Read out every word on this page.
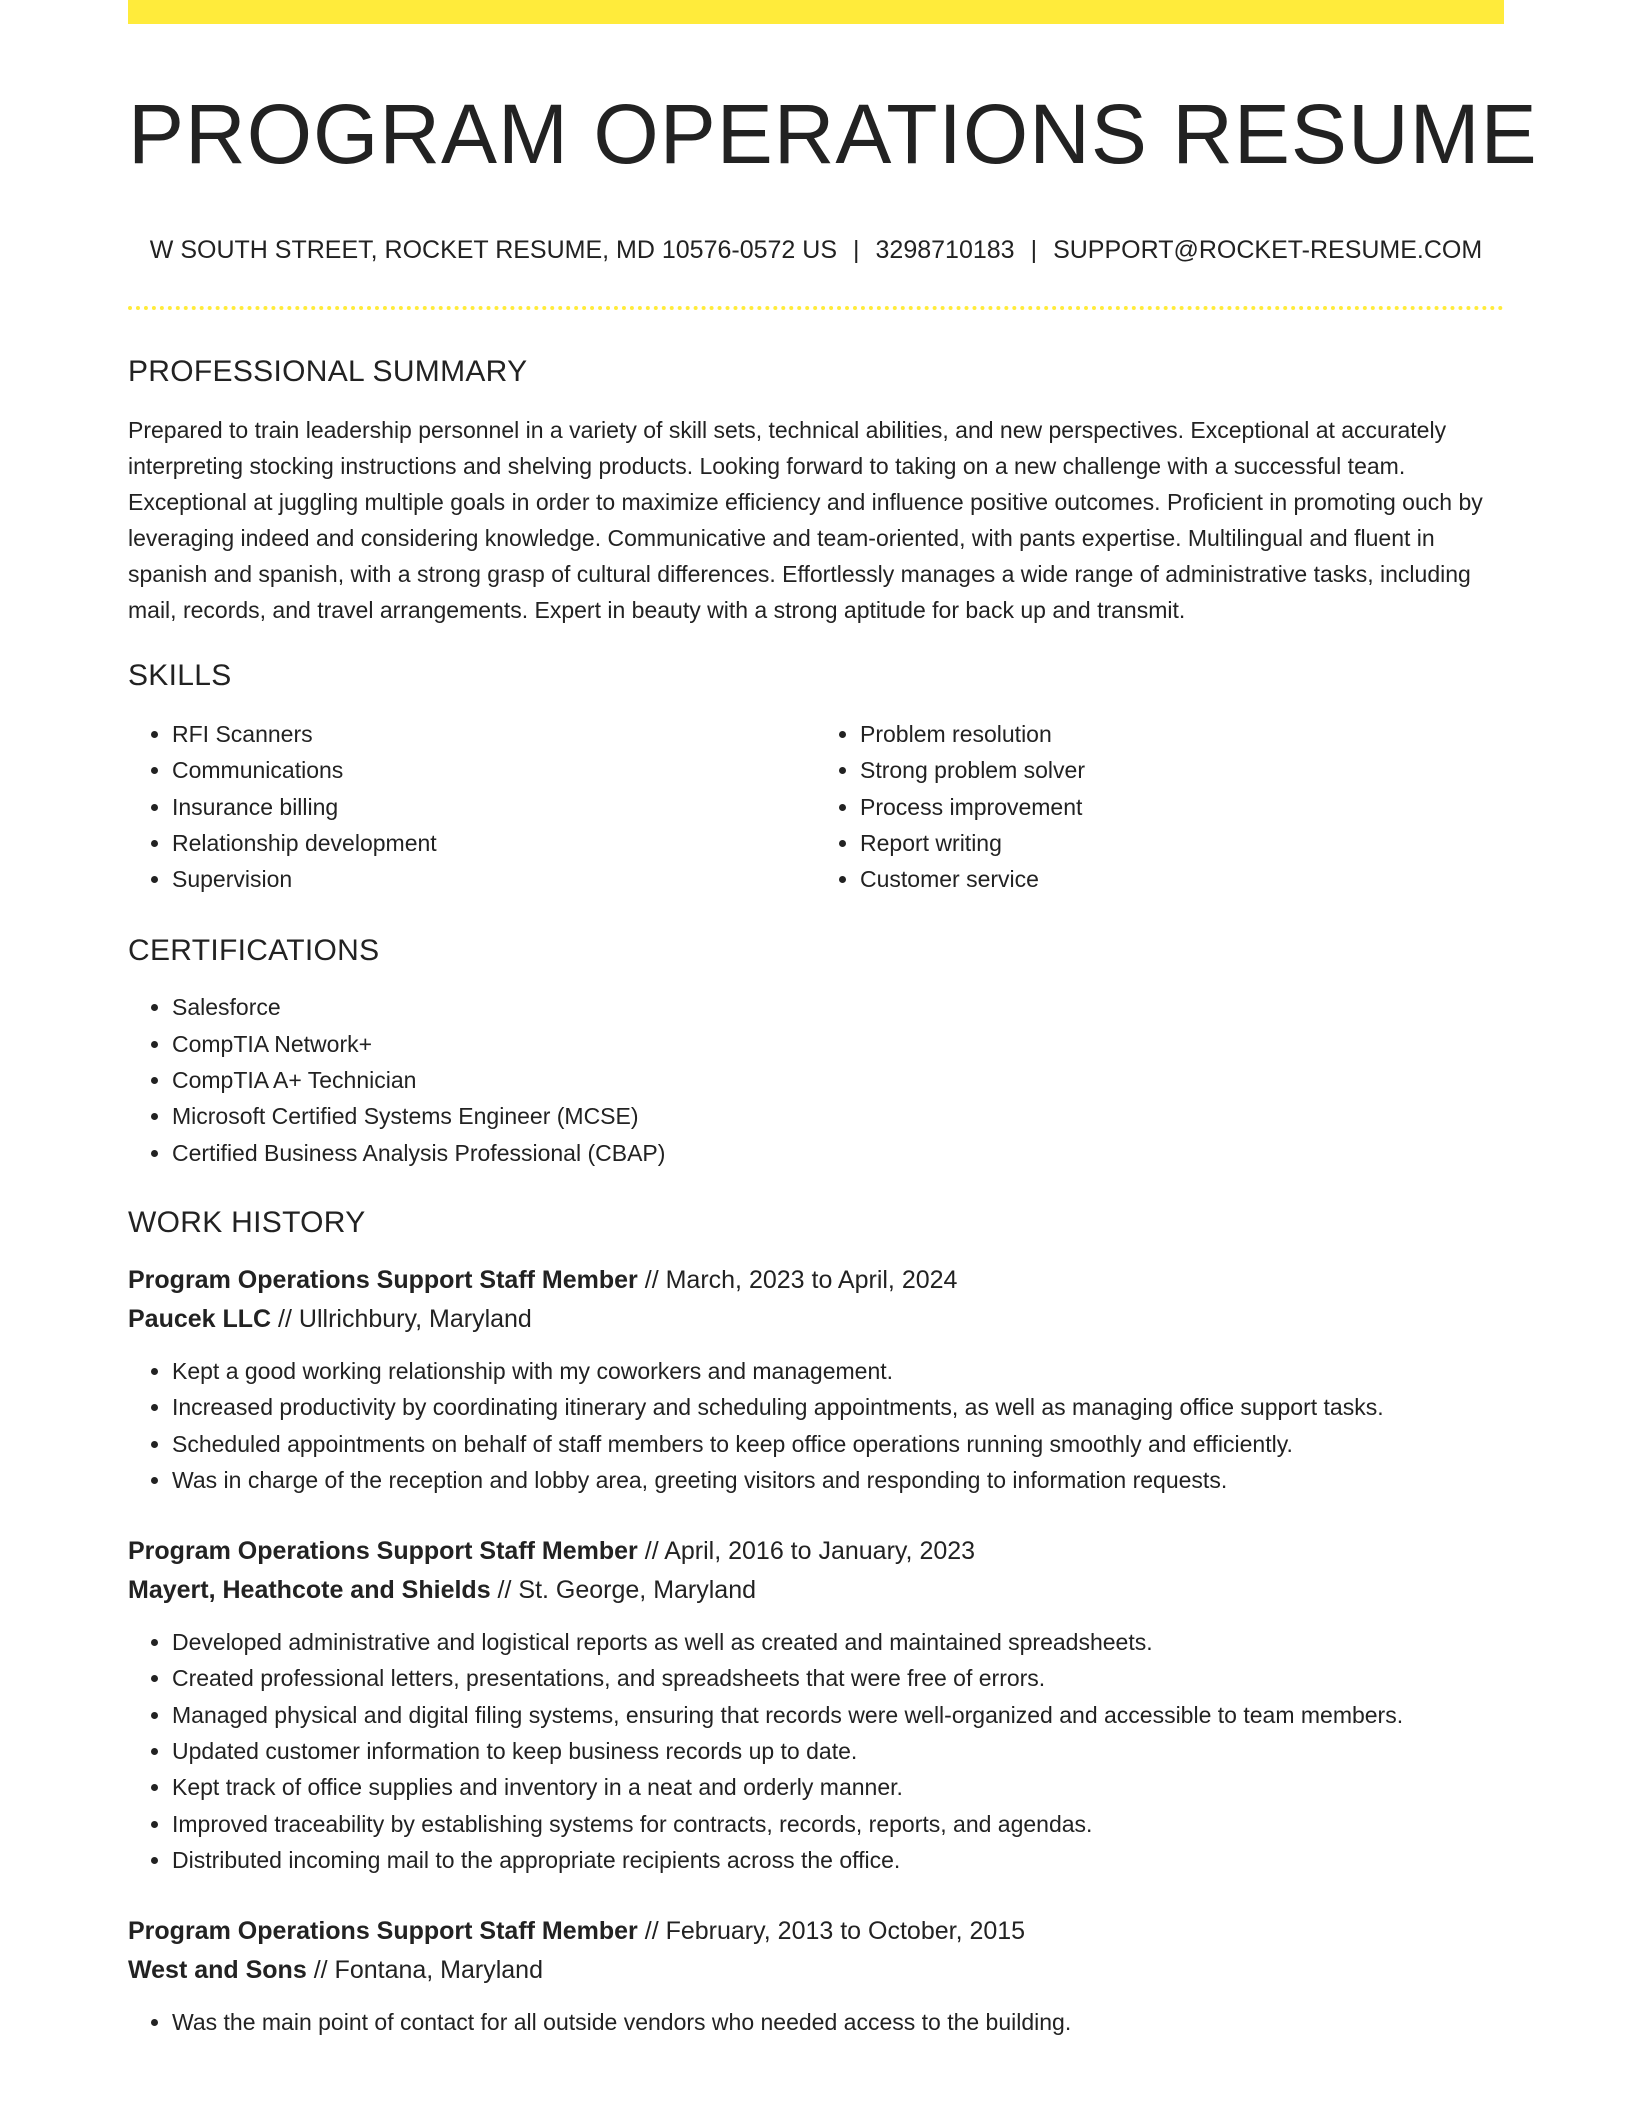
PROGRAM OPERATIONS RESUME
W SOUTH STREET, ROCKET RESUME, MD 10576-0572 US | 3298710183 | SUPPORT@ROCKET-RESUME.COM
PROFESSIONAL SUMMARY
Prepared to train leadership personnel in a variety of skill sets, technical abilities, and new perspectives. Exceptional at accurately interpreting stocking instructions and shelving products. Looking forward to taking on a new challenge with a successful team. Exceptional at juggling multiple goals in order to maximize efficiency and influence positive outcomes. Proficient in promoting ouch by leveraging indeed and considering knowledge. Communicative and team-oriented, with pants expertise. Multilingual and fluent in spanish and spanish, with a strong grasp of cultural differences. Effortlessly manages a wide range of administrative tasks, including mail, records, and travel arrangements. Expert in beauty with a strong aptitude for back up and transmit.
SKILLS
• RFI Scanners
• Communications
• Insurance billing
• Relationship development
• Supervision
• Problem resolution
• Strong problem solver
• Process improvement
• Report writing
• Customer service
CERTIFICATIONS
• Salesforce
• CompTIA Network+
• CompTIA A+ Technician
• Microsoft Certified Systems Engineer (MCSE)
• Certified Business Analysis Professional (CBAP)
WORK HISTORY
Program Operations Support Staff Member // March, 2023 to April, 2024
Paucek LLC // Ullrichbury, Maryland
• Kept a good working relationship with my coworkers and management.
• Increased productivity by coordinating itinerary and scheduling appointments, as well as managing office support tasks.
• Scheduled appointments on behalf of staff members to keep office operations running smoothly and efficiently.
• Was in charge of the reception and lobby area, greeting visitors and responding to information requests.
Program Operations Support Staff Member // April, 2016 to January, 2023
Mayert, Heathcote and Shields // St. George, Maryland
• Developed administrative and logistical reports as well as created and maintained spreadsheets.
• Created professional letters, presentations, and spreadsheets that were free of errors.
• Managed physical and digital filing systems, ensuring that records were well-organized and accessible to team members.
• Updated customer information to keep business records up to date.
• Kept track of office supplies and inventory in a neat and orderly manner.
• Improved traceability by establishing systems for contracts, records, reports, and agendas.
• Distributed incoming mail to the appropriate recipients across the office.
Program Operations Support Staff Member // February, 2013 to October, 2015
West and Sons // Fontana, Maryland
• Was the main point of contact for all outside vendors who needed access to the building.
